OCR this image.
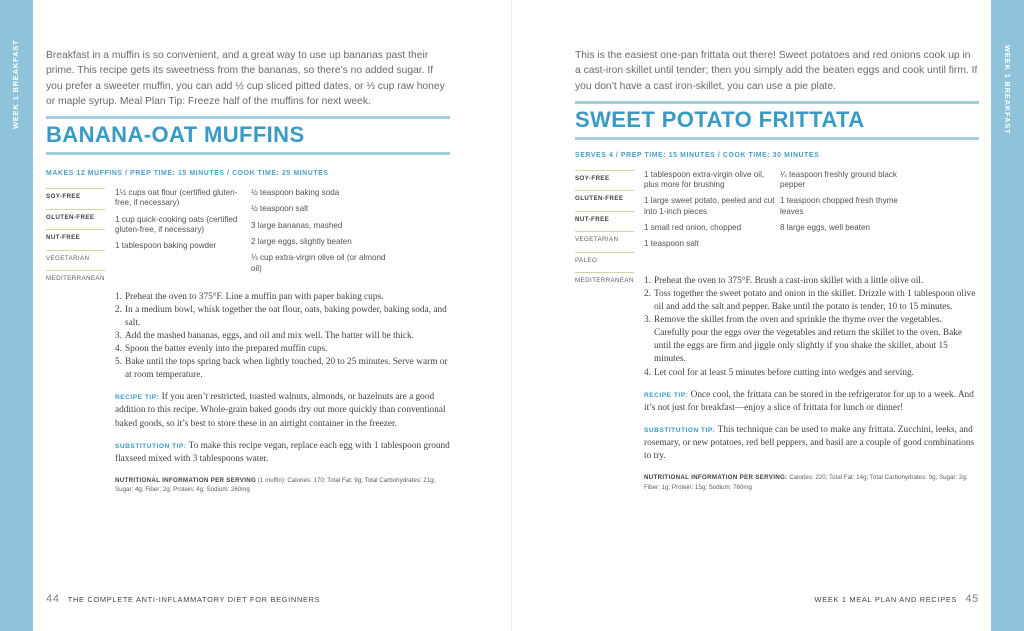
WEEK 1 BREAKFAST	WEEK 1 BREAKFAST

Breakfast in a muffin is so convenient, and a great way to use up bananas past their prime. This recipe gets its sweetness from the bananas, so there’s no added sugar. If you prefer a sweeter muffin, you can add ½ cup sliced pitted dates, or ⅓ cup raw honey or maple syrup. Meal Plan Tip: Freeze half of the muffins for next week.

BANANA-OAT MUFFINS
MAKES 12 MUFFINS / PREP TIME: 15 MINUTES / COOK TIME: 25 MINUTES
SOY-FREE
GLUTEN-FREE
NUT-FREE
VEGETARIAN
MEDITERRANEAN
1½ cups oat flour (certified gluten-free, if necessary)
1 cup quick-cooking oats (certified gluten-free, if necessary)
1 tablespoon baking powder
½ teaspoon baking soda
½ teaspoon salt
3 large bananas, mashed
2 large eggs, slightly beaten
⅓ cup extra-virgin olive oil (or almond oil)
1. Preheat the oven to 375°F. Line a muffin pan with paper baking cups.
2. In a medium bowl, whisk together the oat flour, oats, baking powder, baking soda, and salt.
3. Add the mashed bananas, eggs, and oil and mix well. The batter will be thick.
4. Spoon the batter evenly into the prepared muffin cups.
5. Bake until the tops spring back when lightly touched, 20 to 25 minutes. Serve warm or at room temperature.
RECIPE TIP: If you aren’t restricted, toasted walnuts, almonds, or hazelnuts are a good addition to this recipe. Whole-grain baked goods dry out more quickly than conventional baked goods, so it’s best to store these in an airtight container in the freezer.
SUBSTITUTION TIP: To make this recipe vegan, replace each egg with 1 tablespoon ground flaxseed mixed with 3 tablespoons water.
NUTRITIONAL INFORMATION PER SERVING (1 muffin): Calories: 170; Total Fat: 9g; Total Carbohydrates: 21g; Sugar: 4g; Fiber: 2g; Protein: 4g; Sodium: 260mg
44 THE COMPLETE ANTI-INFLAMMATORY DIET FOR BEGINNERS

This is the easiest one-pan frittata out there! Sweet potatoes and red onions cook up in a cast-iron skillet until tender; then you simply add the beaten eggs and cook until firm. If you don’t have a cast iron-skillet, you can use a pie plate.

SWEET POTATO FRITTATA
SERVES 4 / PREP TIME: 15 MINUTES / COOK TIME: 30 MINUTES
SOY-FREE
GLUTEN-FREE
NUT-FREE
VEGETARIAN
PALEO
MEDITERRANEAN
1 tablespoon extra-virgin olive oil, plus more for brushing
1 large sweet potato, peeled and cut into 1-inch pieces
1 small red onion, chopped
1 teaspoon salt
¼ teaspoon freshly ground black pepper
1 teaspoon chopped fresh thyme leaves
8 large eggs, well beaten
1. Preheat the oven to 375°F. Brush a cast-iron skillet with a little olive oil.
2. Toss together the sweet potato and onion in the skillet. Drizzle with 1 tablespoon olive oil and add the salt and pepper. Bake until the potato is tender, 10 to 15 minutes.
3. Remove the skillet from the oven and sprinkle the thyme over the vegetables. Carefully pour the eggs over the vegetables and return the skillet to the oven. Bake until the eggs are firm and jiggle only slightly if you shake the skillet, about 15 minutes.
4. Let cool for at least 5 minutes before cutting into wedges and serving.
RECIPE TIP: Once cool, the frittata can be stored in the refrigerator for up to a week. And it’s not just for breakfast—enjoy a slice of frittata for lunch or dinner!
SUBSTITUTION TIP: This technique can be used to make any frittata. Zucchini, leeks, and rosemary, or new potatoes, red bell peppers, and basil are a couple of good combinations to try.
NUTRITIONAL INFORMATION PER SERVING: Calories: 220; Total Fat: 14g; Total Carbohydrates: 9g; Sugar: 2g; Fiber: 1g; Protein: 15g; Sodium: 760mg
WEEK 1 MEAL PLAN AND RECIPES 45
